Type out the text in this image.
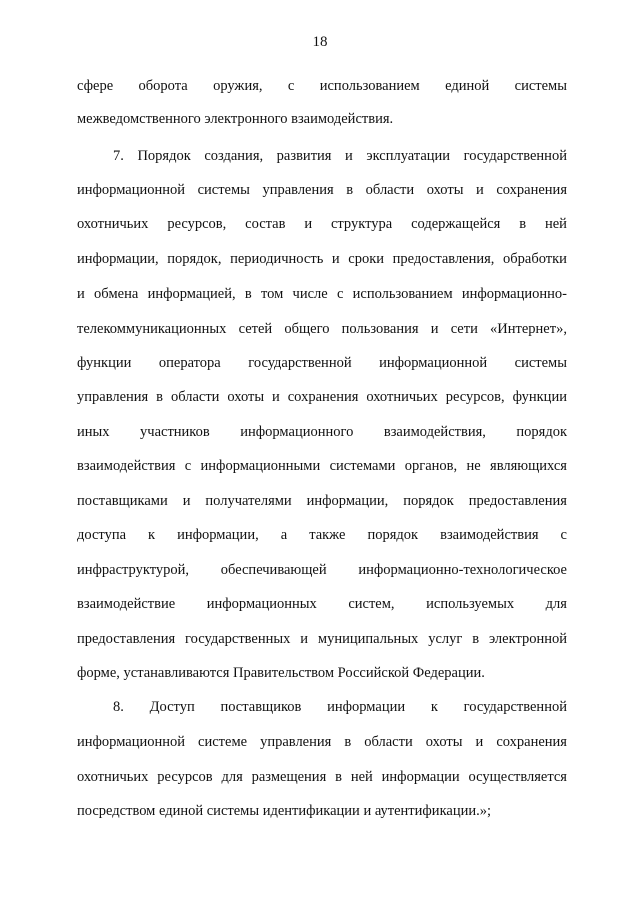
18
сфере оборота оружия, с использованием единой системы
межведомственного электронного взаимодействия.
7. Порядок создания, развития и эксплуатации государственной
информационной системы управления в области охоты и сохранения
охотничьих ресурсов, состав и структура содержащейся в ней
информации, порядок, периодичность и сроки предоставления, обработки
и обмена информацией, в том числе с использованием информационно-
телекоммуникационных сетей общего пользования и сети «Интернет»,
функции оператора государственной информационной системы
управления в области охоты и сохранения охотничьих ресурсов, функции
иных участников информационного взаимодействия, порядок
взаимодействия с информационными системами органов, не являющихся
поставщиками и получателями информации, порядок предоставления
доступа к информации, а также порядок взаимодействия с
инфраструктурой, обеспечивающей информационно-технологическое
взаимодействие информационных систем, используемых для
предоставления государственных и муниципальных услуг в электронной
форме, устанавливаются Правительством Российской Федерации.
8. Доступ поставщиков информации к государственной
информационной системе управления в области охоты и сохранения
охотничьих ресурсов для размещения в ней информации осуществляется
посредством единой системы идентификации и аутентификации.»;
